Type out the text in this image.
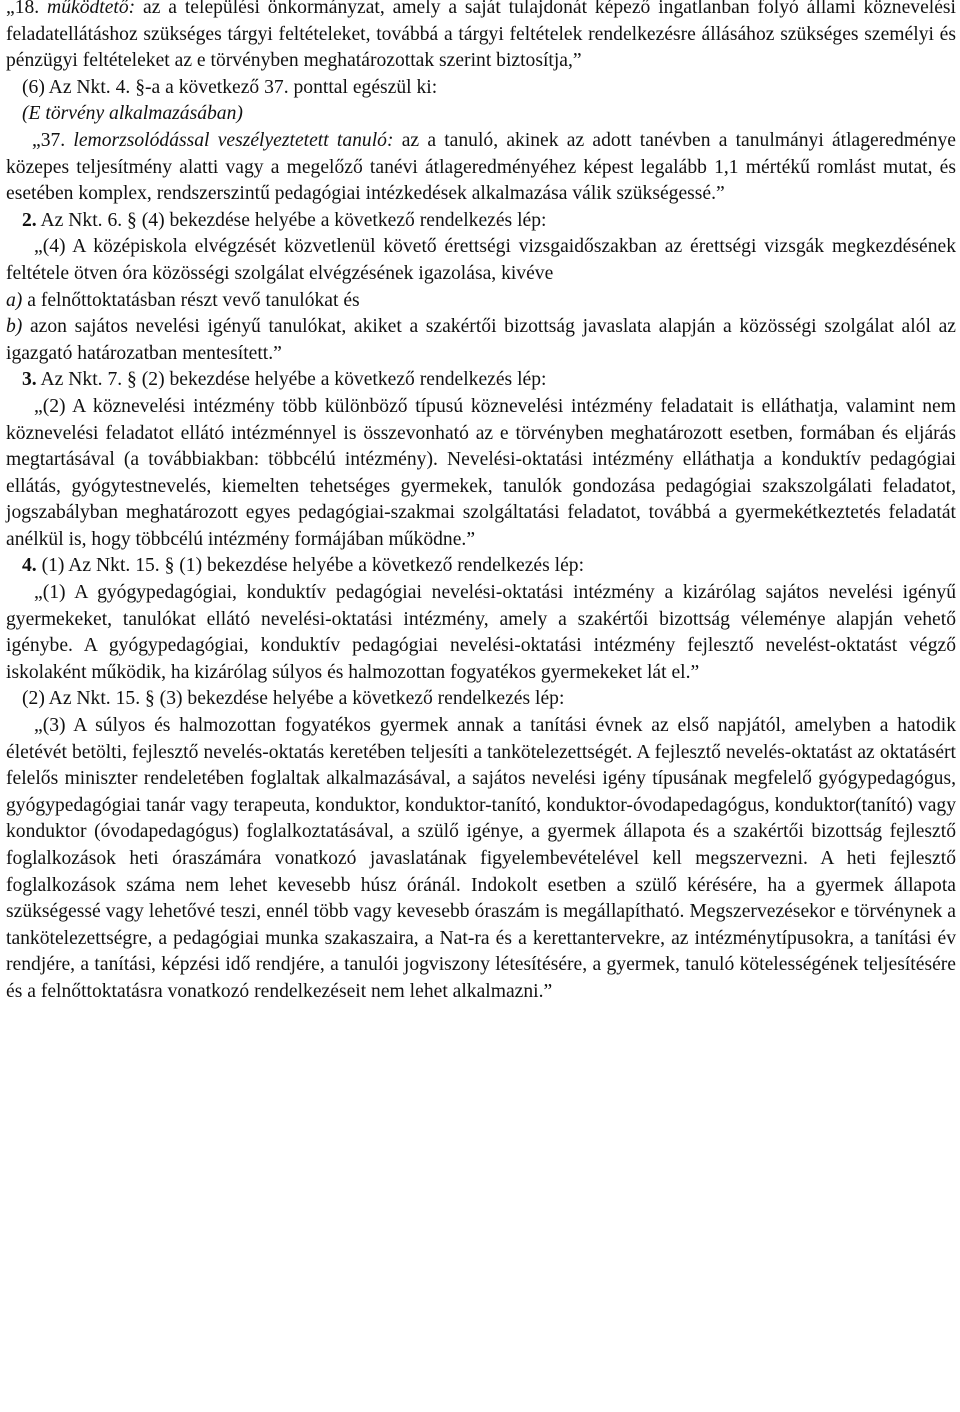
„18. működtető: az a települési önkormányzat, amely a saját tulajdonát képező ingatlanban folyó állami köznevelési feladatellátáshoz szükséges tárgyi feltételeket, továbbá a tárgyi feltételek rendelkezésre állásához szükséges személyi és pénzügyi feltételeket az e törvényben meghatározottak szerint biztosítja,”

(6) Az Nkt. 4. §-a a következő 37. ponttal egészül ki:

(E törvény alkalmazásában)

„37. lemorzsolódással veszélyeztetett tanuló: az a tanuló, akinek az adott tanévben a tanulmányi átlageredménye közepes teljesítmény alatti vagy a megelőző tanévi átlageredményéhez képest legalább 1,1 mértékű romlást mutat, és esetében komplex, rendszerszintű pedagógiai intézkedések alkalmazása válik szükségessé.”

2. Az Nkt. 6. § (4) bekezdése helyébe a következő rendelkezés lép:

„(4) A középiskola elvégzését közvetlenül követő érettségi vizsgaidőszakban az érettségi vizsgák megkezdésének feltétele ötven óra közösségi szolgálat elvégzésének igazolása, kivéve

a) a felnőttoktatásban részt vevő tanulókat és

b) azon sajátos nevelési igényű tanulókat, akiket a szakértői bizottság javaslata alapján a közösségi szolgálat alól az igazgató határozatban mentesített.”

3. Az Nkt. 7. § (2) bekezdése helyébe a következő rendelkezés lép:

„(2) A köznevelési intézmény több különböző típusú köznevelési intézmény feladatait is elláthatja, valamint nem köznevelési feladatot ellátó intézménnyel is összevonható az e törvényben meghatározott esetben, formában és eljárás megtartásával (a továbbiakban: többcélú intézmény). Nevelési-oktatási intézmény elláthatja a konduktív pedagógiai ellátás, gyógytestnevelés, kiemelten tehetséges gyermekek, tanulók gondozása pedagógiai szakszolgálati feladatot, jogszabályban meghatározott egyes pedagógiai-szakmai szolgáltatási feladatot, továbbá a gyermekétkeztetés feladatát anélkül is, hogy többcélú intézmény formájában működne.”

4. (1) Az Nkt. 15. § (1) bekezdése helyébe a következő rendelkezés lép:

„(1) A gyógypedagógiai, konduktív pedagógiai nevelési-oktatási intézmény a kizárólag sajátos nevelési igényű gyermekeket, tanulókat ellátó nevelési-oktatási intézmény, amely a szakértői bizottság véleménye alapján vehető igénybe. A gyógypedagógiai, konduktív pedagógiai nevelési-oktatási intézmény fejlesztő nevelést-oktatást végző iskolaként működik, ha kizárólag súlyos és halmozottan fogyatékos gyermekeket lát el.”

(2) Az Nkt. 15. § (3) bekezdése helyébe a következő rendelkezés lép:

„(3) A súlyos és halmozottan fogyatékos gyermek annak a tanítási évnek az első napjától, amelyben a hatodik életévét betölti, fejlesztő nevelés-oktatás keretében teljesíti a tankötelezettségét. A fejlesztő nevelés-oktatást az oktatásért felelős miniszter rendeletében foglaltak alkalmazásával, a sajátos nevelési igény típusának megfelelő gyógypedagógus, gyógypedagógiai tanár vagy terapeuta, konduktor, konduktor-tanító, konduktor-óvodapedagógus, konduktor(tanító) vagy konduktor (óvodapedagógus) foglalkoztatásával, a szülő igénye, a gyermek állapota és a szakértői bizottság fejlesztő foglalkozások heti óraszámára vonatkozó javaslatának figyelembevételével kell megszervezni. A heti fejlesztő foglalkozások száma nem lehet kevesebb húsz óránál. Indokolt esetben a szülő kérésére, ha a gyermek állapota szükségessé vagy lehetővé teszi, ennél több vagy kevesebb óraszám is megállapítható. Megszervezésekor e törvénynek a tankötelezettségre, a pedagógiai munka szakaszaira, a Nat-ra és a kerettantervekre, az intézménytípusokra, a tanítási év rendjére, a tanítási, képzési idő rendjére, a tanulói jogviszony létesítésére, a gyermek, tanuló kötelességének teljesítésére és a felnőttoktatásra vonatkozó rendelkezéseit nem lehet alkalmazni.”
